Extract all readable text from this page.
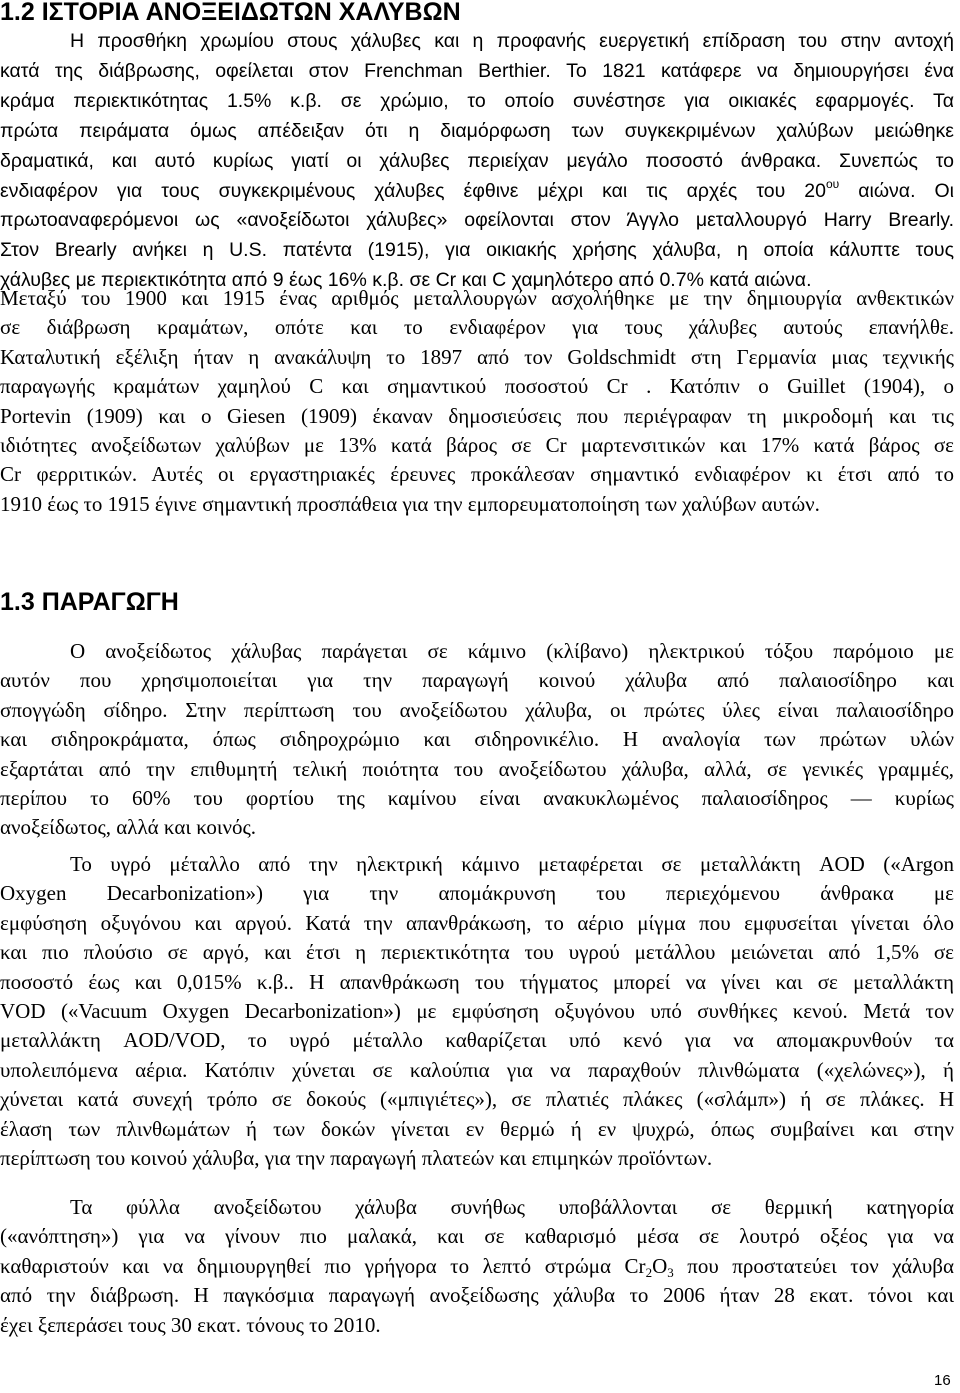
1.2 ΙΣΤΟΡΙΑ ΑΝΟΞΕΙΔΩΤΩΝ ΧΑΛΥΒΩΝ
Η προσθήκη χρωμίου στους χάλυβες και η προφανής ευεργετική επίδραση του στην αντοχή
κατά της διάβρωσης, οφείλεται στον Frenchman Berthier. Το 1821 κατάφερε να δημιουργήσει ένα
κράμα περιεκτικότητας 1.5% κ.β. σε χρώμιο, το οποίο συνέστησε για οικιακές εφαρμογές. Τα
πρώτα πειράματα όμως απέδειξαν ότι η διαμόρφωση των συγκεκριμένων χαλύβων μειώθηκε
δραματικά, και αυτό κυρίως γιατί οι χάλυβες περιείχαν μεγάλο ποσοστό άνθρακα. Συνεπώς το
ενδιαφέρον για τους συγκεκριμένους χάλυβες έφθινε μέχρι και τις αρχές του $20^{o\upsilon}$ αιώνα. Οι
πρωτοαναφερόμενοι ως «ανοξείδωτοι χάλυβες» οφείλονται στον Άγγλο μεταλλουργό Harry Brearly.
Στον Brearly ανήκει η U.S. πατέντα (1915), για οικιακής χρήσης χάλυβα, η οποία κάλυπτε τους
χάλυβες με περιεκτικότητα από 9 έως 16% κ.β. σε Cr και C χαμηλότερο από 0.7% κατά αιώνα.
Μεταξύ του 1900 και 1915 ένας αριθμός μεταλλουργών ασχολήθηκε με την δημιουργία ανθεκτικών
σε διάβρωση κραμάτων, οπότε και το ενδιαφέρον για τους χάλυβες αυτούς επανήλθε.
Καταλυτική εξέλιξη ήταν η ανακάλυψη το 1897 από τον Goldschmidt στη Γερμανία μιας τεχνικής
παραγωγής κραμάτων χαμηλού C και σημαντικού ποσοστού Cr . Κατόπιν ο Guillet (1904), ο
Portevin (1909) και ο Giesen (1909) έκαναν δημοσιεύσεις που περιέγραφαν τη μικροδομή και τις
ιδιότητες ανοξείδωτων χαλύβων με 13% κατά βάρος σε Cr μαρτενσιτικών και 17% κατά βάρος σε
Cr φερριτικών. Αυτές οι εργαστηριακές έρευνες προκάλεσαν σημαντικό ενδιαφέρον κι έτσι από το
1910 έως το 1915 έγινε σημαντική προσπάθεια για την εμπορευματοποίηση των χαλύβων αυτών.
1.3 ΠΑΡΑΓΩΓΗ
Ο ανοξείδωτος χάλυβας παράγεται σε κάμινο (κλίβανο) ηλεκτρικού τόξου παρόμοιο με
αυτόν που χρησιμοποιείται για την παραγωγή κοινού χάλυβα από παλαιοσίδηρο και
σπογγώδη σίδηρο. Στην περίπτωση του ανοξείδωτου χάλυβα, οι πρώτες ύλες είναι παλαιοσίδηρο
και σιδηροκράματα, όπως σιδηροχρώμιο και σιδηρονικέλιο. Η αναλογία των πρώτων υλών
εξαρτάται από την επιθυμητή τελική ποιότητα του ανοξείδωτου χάλυβα, αλλά, σε γενικές γραμμές,
περίπου το 60% του φορτίου της καμίνου είναι ανακυκλωμένος παλαιοσίδηρος — κυρίως
ανοξείδωτος, αλλά και κοινός.
Το υγρό μέταλλο από την ηλεκτρική κάμινο μεταφέρεται σε μεταλλάκτη AOD («Argon
Oxygen Decarbonization») για την απομάκρυνση του περιεχόμενου άνθρακα με
εμφύσηση οξυγόνου και αργού. Κατά την απανθράκωση, το αέριο μίγμα που εμφυσείται γίνεται όλο
και πιο πλούσιο σε αργό, και έτσι η περιεκτικότητα του υγρού μετάλλου μειώνεται από 1,5% σε
ποσοστό έως και 0,015% κ.β.. Η απανθράκωση του τήγματος μπορεί να γίνει και σε μεταλλάκτη
VOD («Vacuum Oxygen Decarbonization») με εμφύσηση οξυγόνου υπό συνθήκες κενού. Μετά τον
μεταλλάκτη AOD/VOD, το υγρό μέταλλο καθαρίζεται υπό κενό για να απομακρυνθούν τα
υπολειπόμενα αέρια. Κατόπιν χύνεται σε καλούπια για να παραχθούν πλινθώματα («χελώνες»), ή
χύνεται κατά συνεχή τρόπο σε δοκούς («μπιγιέτες»), σε πλατιές πλάκες («σλάμπ») ή σε πλάκες. Η
έλαση των πλινθωμάτων ή των δοκών γίνεται εν θερμώ ή εν ψυχρώ, όπως συμβαίνει και στην
περίπτωση του κοινού χάλυβα, για την παραγωγή πλατεών και επιμηκών προϊόντων.
Τα φύλλα ανοξείδωτου χάλυβα συνήθως υποβάλλονται σε θερμική κατηγορία
(«ανόπτηση») για να γίνουν πιο μαλακά, και σε καθαρισμό μέσα σε λουτρό οξέος για να
καθαριστούν και να δημιουργηθεί πιο γρήγορα το λεπτό στρώμα $Cr_2O_3$ που προστατεύει τον χάλυβα
από την διάβρωση. Η παγκόσμια παραγωγή ανοξείδωσης χάλυβα το 2006 ήταν 28 εκατ. τόνοι και
έχει ξεπεράσει τους 30 εκατ. τόνους το 2010.
16
